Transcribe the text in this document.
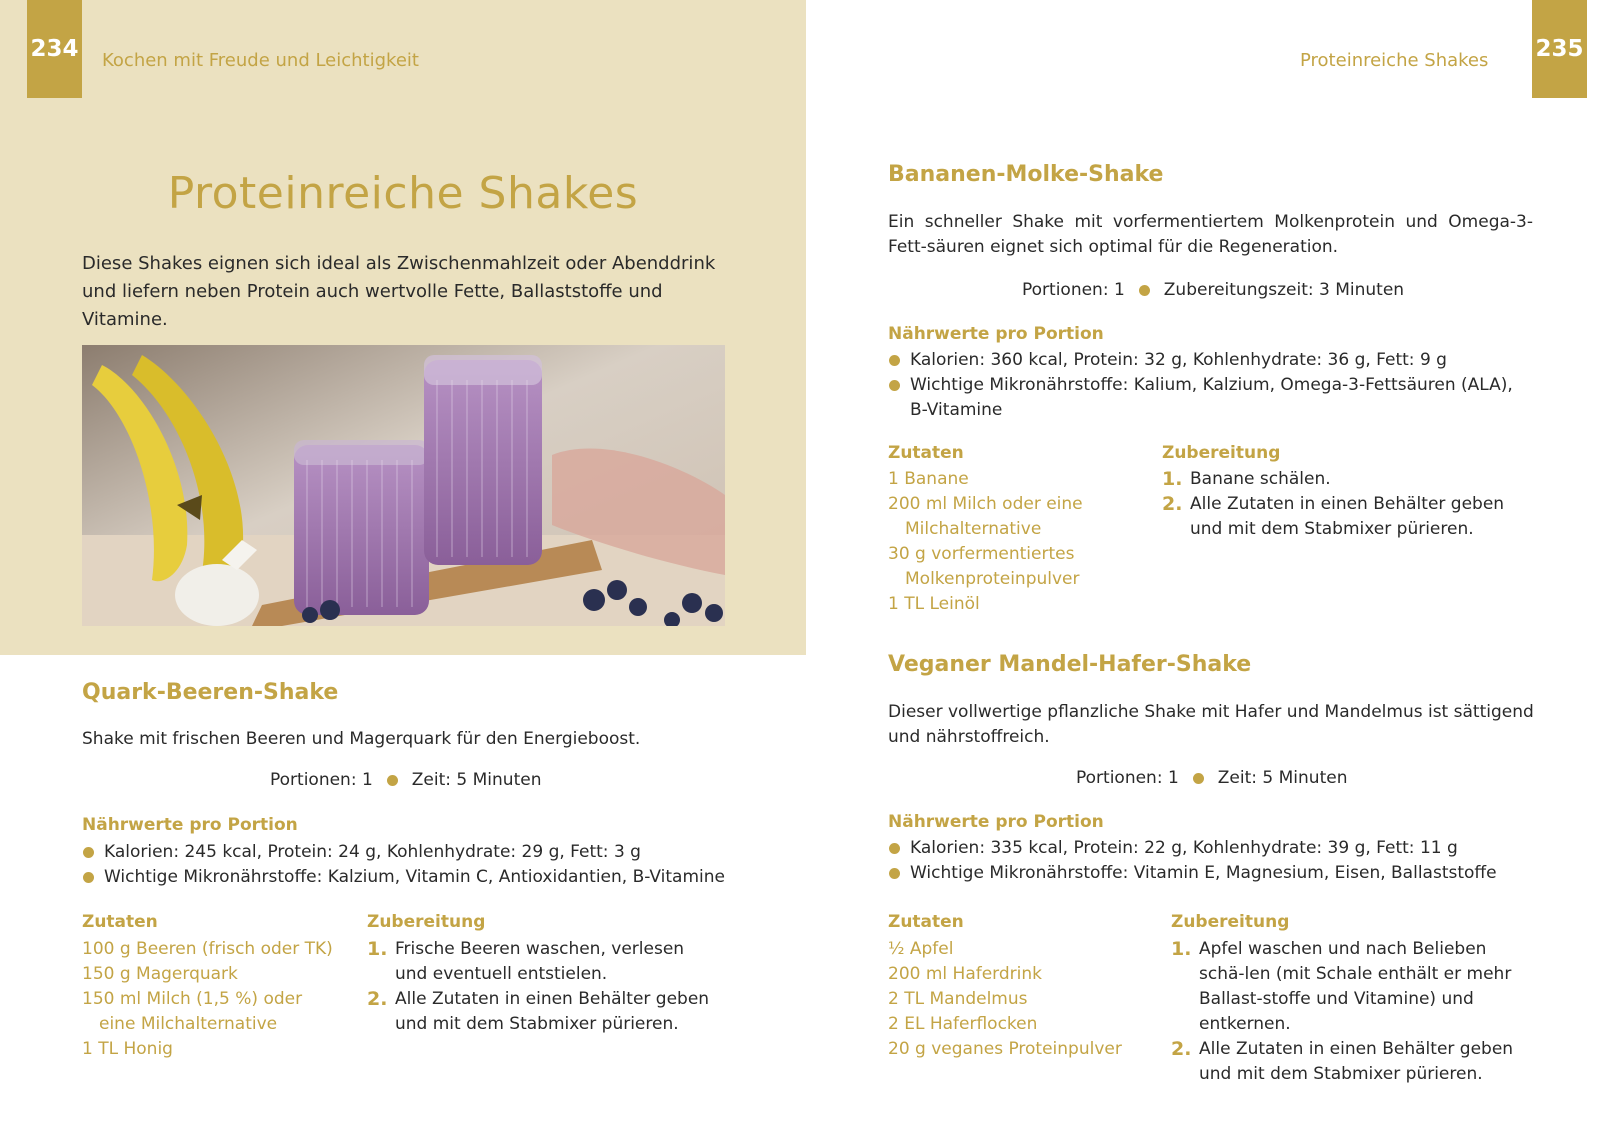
234 Kochen mit Freude und Leichtigkeit
Proteinreiche Shakes

Diese Shakes eignen sich ideal als Zwischenmahlzeit oder Abenddrink und liefern neben Protein auch wertvolle Fette, Ballaststoffe und Vitamine.

Quark-Beeren-Shake

Shake mit frischen Beeren und Magerquark für den Energieboost.

Portionen: 1 Zeit: 5 Minuten
Nährwerte pro Portion
Kalorien: 245 kcal, Protein: 24 g, Kohlenhydrate: 29 g, Fett: 3 g
Wichtige Mikronährstoffe: Kalzium, Vitamin C, Antioxidantien, B-Vitamine
Zutaten
100 g Beeren (frisch oder TK)
150 g Magerquark
150 ml Milch (1,5 %) oder eine Milchalternative
1 TL Honig
Zubereitung
1. Frische Beeren waschen, verlesen und eventuell entstielen.
2. Alle Zutaten in einen Behälter geben und mit dem Stabmixer pürieren.
Proteinreiche Shakes 235
Bananen-Molke-Shake

Ein schneller Shake mit vorfermentiertem Molkenprotein und Omega-3-Fett-säuren eignet sich optimal für die Regeneration.

Portionen: 1 Zubereitungszeit: 3 Minuten
Nährwerte pro Portion
Kalorien: 360 kcal, Protein: 32 g, Kohlenhydrate: 36 g, Fett: 9 g
Wichtige Mikronährstoffe: Kalium, Kalzium, Omega-3-Fettsäuren (ALA), B-Vitamine
Zutaten
1 Banane
200 ml Milch oder eine Milchalternative
30 g vorfermentiertes Molkenproteinpulver
1 TL Leinöl
Zubereitung
1. Banane schälen.
2. Alle Zutaten in einen Behälter geben und mit dem Stabmixer pürieren.
Veganer Mandel-Hafer-Shake

Dieser vollwertige pflanzliche Shake mit Hafer und Mandelmus ist sättigend und nährstoffreich.

Portionen: 1 Zeit: 5 Minuten
Nährwerte pro Portion
Kalorien: 335 kcal, Protein: 22 g, Kohlenhydrate: 39 g, Fett: 11 g
Wichtige Mikronährstoffe: Vitamin E, Magnesium, Eisen, Ballaststoffe
Zutaten
½ Apfel
200 ml Haferdrink
2 TL Mandelmus
2 EL Haferflocken
20 g veganes Proteinpulver
Zubereitung
1. Apfel waschen und nach Belieben schä-len (mit Schale enthält er mehr Ballast-stoffe und Vitamine) und entkernen.
2. Alle Zutaten in einen Behälter geben und mit dem Stabmixer pürieren.
